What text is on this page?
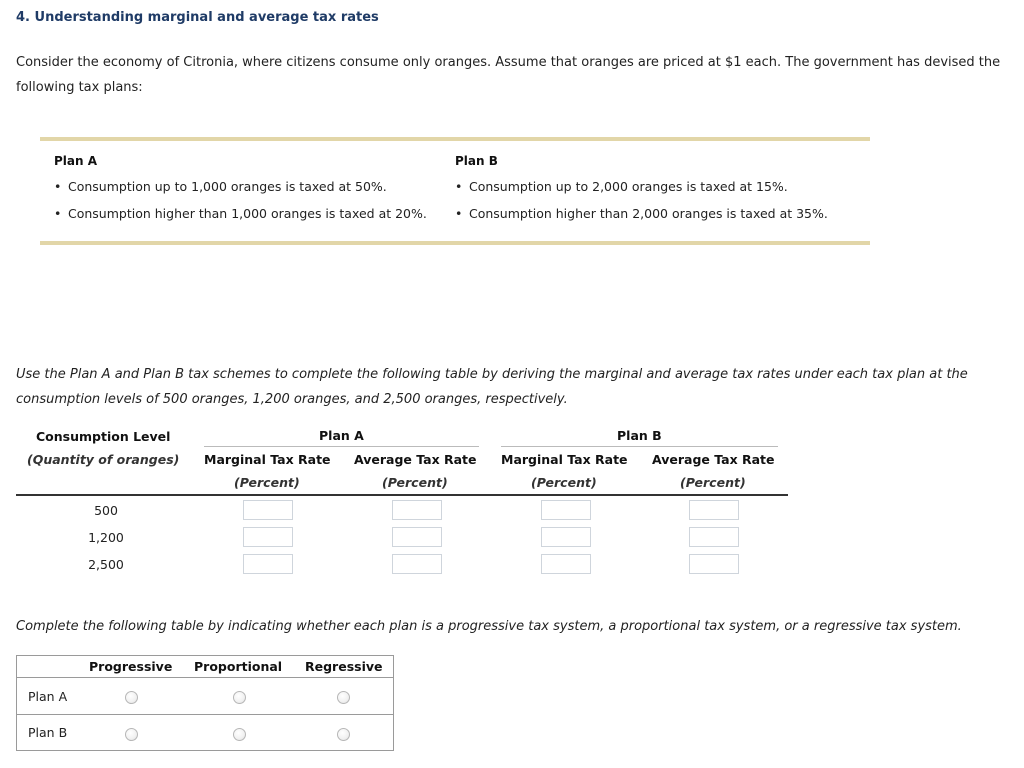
4. Understanding marginal and average tax rates
Consider the economy of Citronia, where citizens consume only oranges. Assume that oranges are priced at $1 each. The government has devised the following tax plans:
Plan A
• Consumption up to 1,000 oranges is taxed at 50%.
• Consumption higher than 1,000 oranges is taxed at 20%.
Plan B
• Consumption up to 2,000 oranges is taxed at 15%.
• Consumption higher than 2,000 oranges is taxed at 35%.
Use the Plan A and Plan B tax schemes to complete the following table by deriving the marginal and average tax rates under each tax plan at the consumption levels of 500 oranges, 1,200 oranges, and 2,500 oranges, respectively.
Consumption Level
(Quantity of oranges)
Plan A	Plan B
Marginal Tax Rate Average Tax Rate Marginal Tax Rate Average Tax Rate
(Percent)	(Percent)	(Percent)	(Percent)
500
1,200
2,500
Complete the following table by indicating whether each plan is a progressive tax system, a proportional tax system, or a regressive tax system.
Progressive Proportional Regressive
Plan A
Plan B
